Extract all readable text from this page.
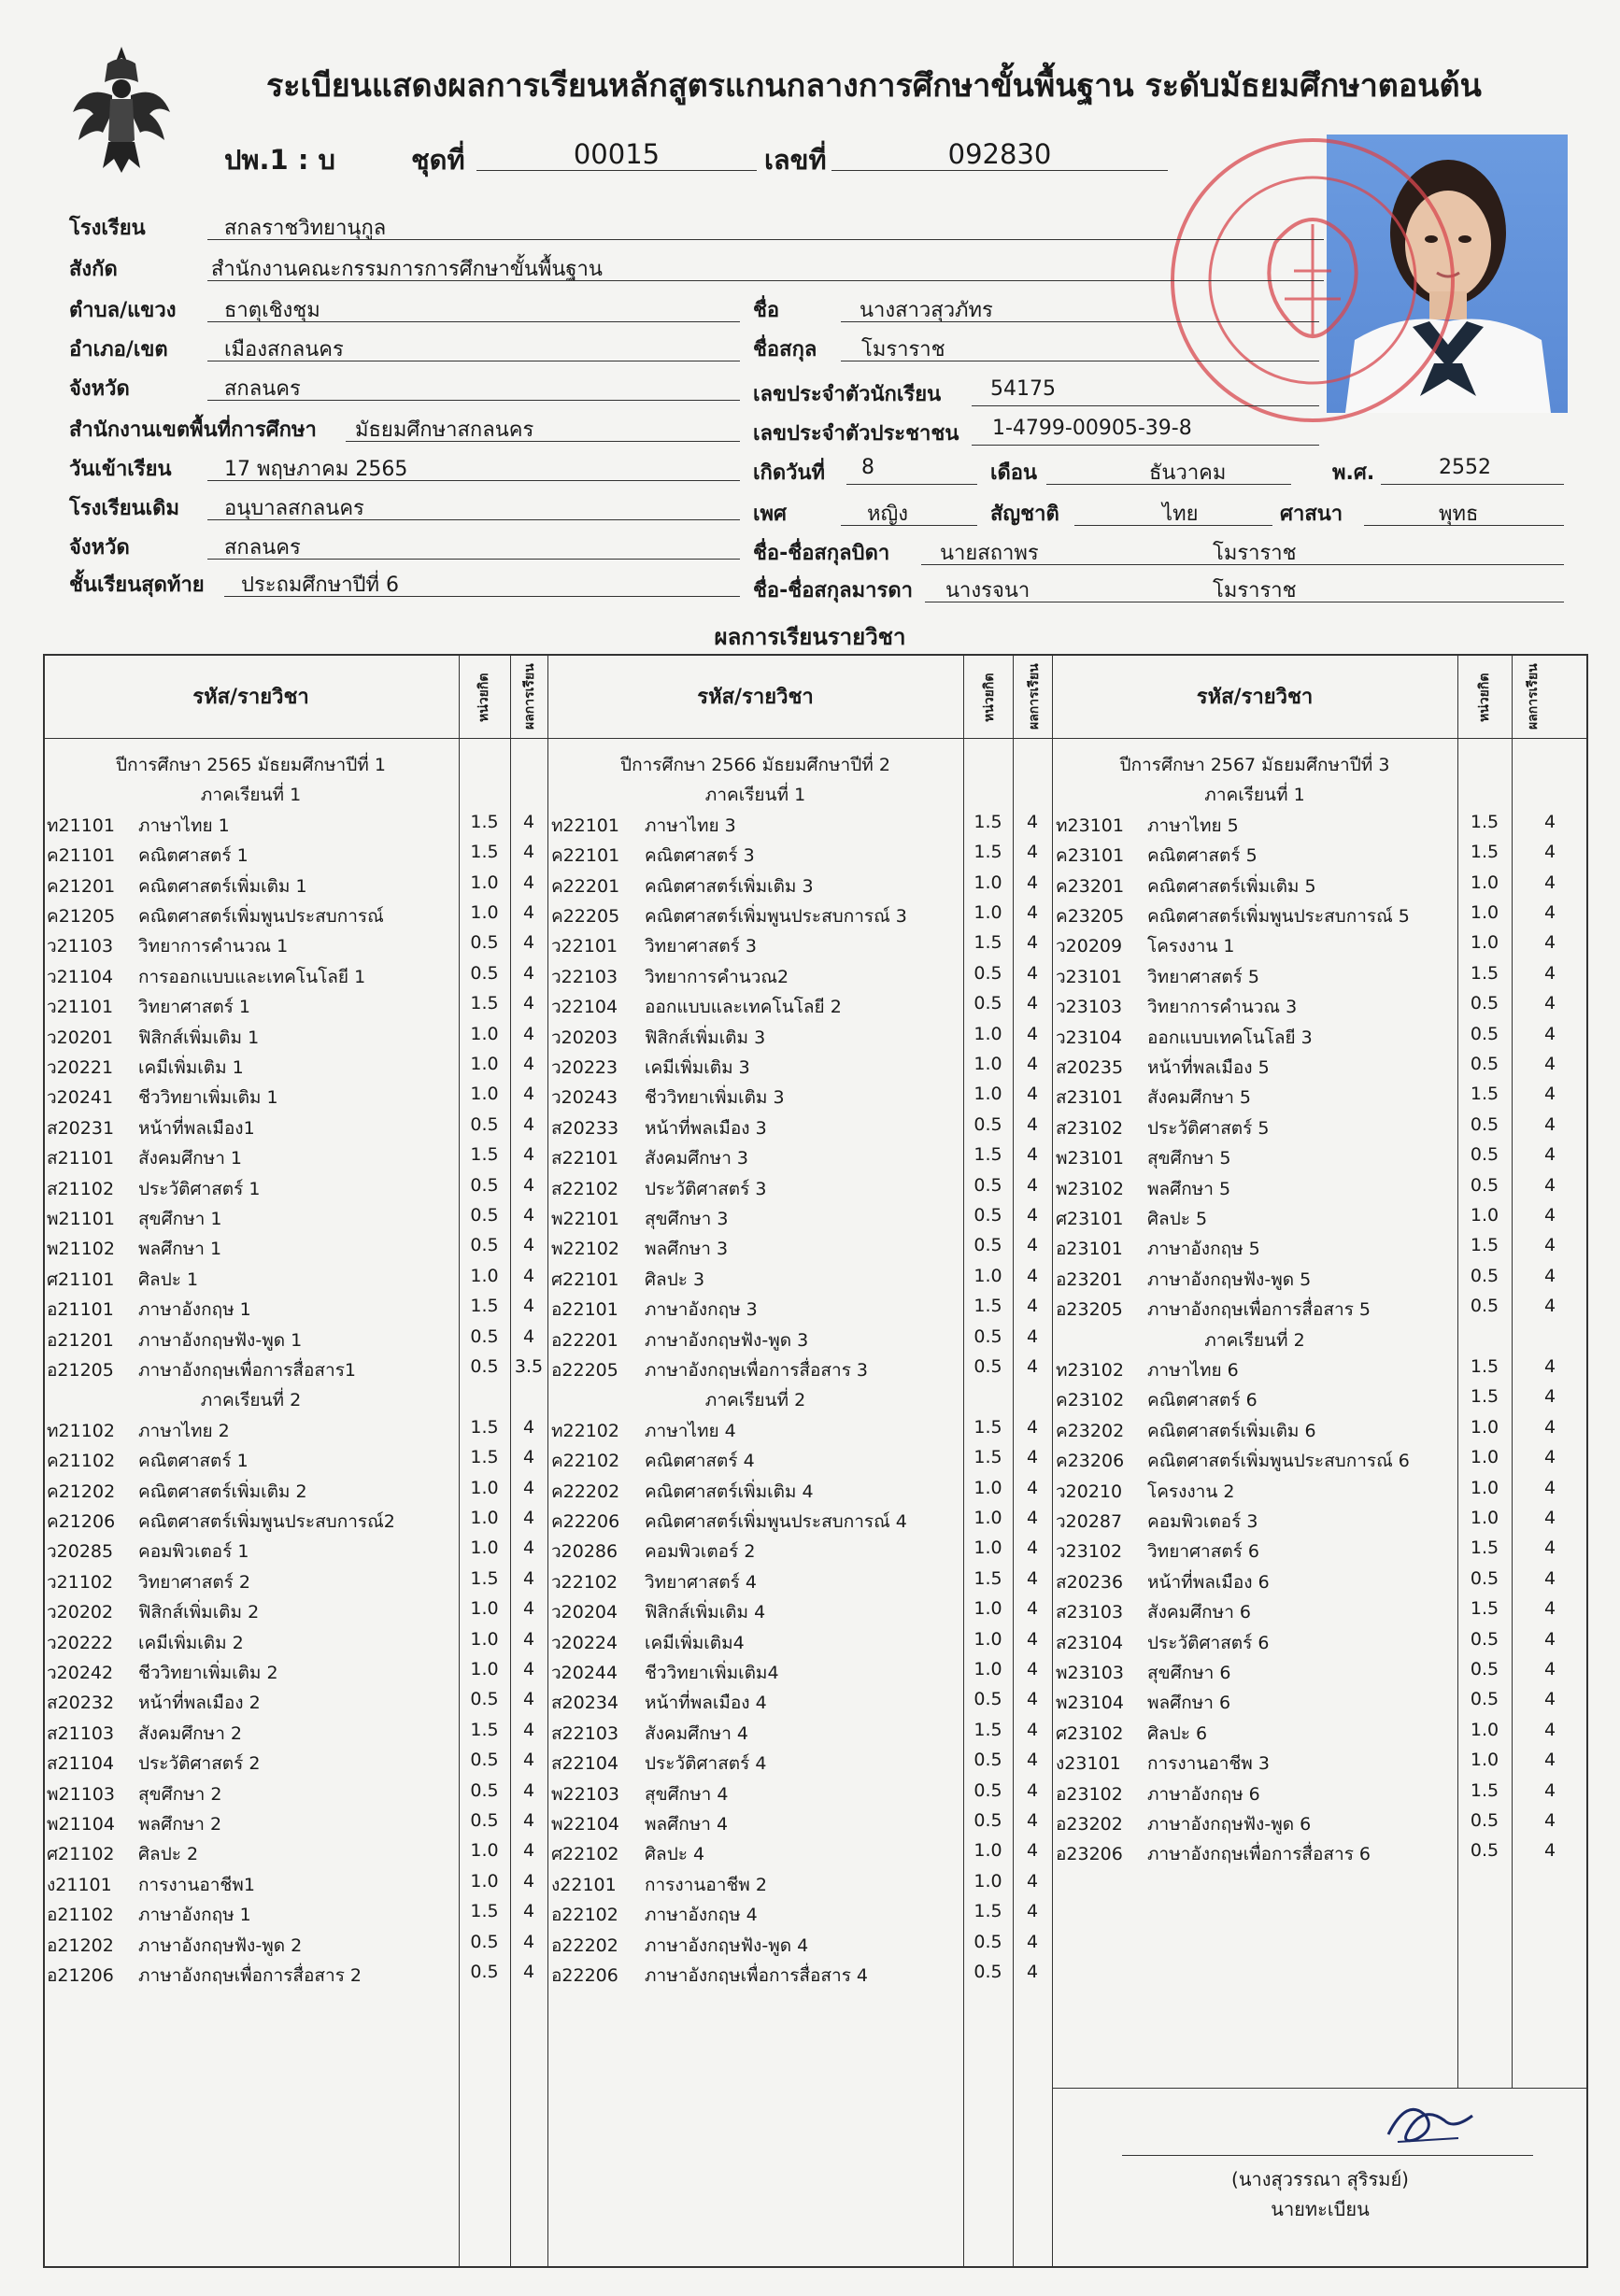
ระเบียนแสดงผลการเรียนหลักสูตรแกนกลางการศึกษาขั้นพื้นฐาน ระดับมัธยมศึกษาตอนต้น
ปพ.1 : บ	ชุดที่	00015	เลขที่	092830
โรงเรียน	สกลราชวิทยานุกูล
สังกัด	สำนักงานคณะกรรมการการศึกษาขั้นพื้นฐาน
ตำบล/แขวง ธาตุเชิงชุม	ชื่อ	นางสาวสุวภัทร
อำเภอ/เขต	เมืองสกลนคร	ชื่อสกุล โมราราช
จังหวัด	สกลนคร	เลขประจำตัวนักเรียน 54175
สำนักงานเขตพื้นที่การศึกษา มัธยมศึกษาสกลนคร	เลขประจำตัวประชาชน 1-4799-00905-39-8
วันเข้าเรียน	17 พฤษภาคม 2565	เกิดวันที่ 8	เดือน	ธันวาคม	พ.ศ.	2552
โรงเรียนเดิม อนุบาลสกลนคร	เพศ	หญิง	สัญชาติ	ไทย	ศาสนา	พุทธ
จังหวัด	สกลนคร	ชื่อ-ชื่อสกุลบิดา นายสถาพร	โมราราช
ชั้นเรียนสุดท้าย ประถมศึกษาปีที่ 6	ชื่อ-ชื่อสกุลมารดา นางรจนา	โมราราช
ผลการเรียนรายวิชา
รหัส/รายวิชา	หน่วยกิต ผลการเรียน	รหัส/รายวิชา	หน่วยกิต ผลการเรียน	รหัส/รายวิชา	หน่วยกิต	ผลการเรียน
ปีการศึกษา 2565 มัธยมศึกษาปีที่ 1
ภาคเรียนที่ 1
ท21101 ภาษาไทย 1	1.5	4
ค21101 คณิตศาสตร์ 1	1.5	4
ค21201 คณิตศาสตร์เพิ่มเติม 1	1.0	4
ค21205 คณิตศาสตร์เพิ่มพูนประสบการณ์	1.0	4
ว21103 วิทยาการคำนวณ 1	0.5	4
ว21104 การออกแบบและเทคโนโลยี 1	0.5	4
ว21101 วิทยาศาสตร์ 1	1.5	4
ว20201 ฟิสิกส์เพิ่มเติม 1	1.0	4
ว20221 เคมีเพิ่มเติม 1	1.0	4
ว20241 ชีววิทยาเพิ่มเติม 1	1.0	4
ส20231 หน้าที่พลเมือง1	0.5	4
ส21101 สังคมศึกษา 1	1.5	4
ส21102 ประวัติศาสตร์ 1	0.5	4
พ21101 สุขศึกษา 1	0.5	4
พ21102 พลศึกษา 1	0.5	4
ศ21101 ศิลปะ 1	1.0	4
อ21101 ภาษาอังกฤษ 1	1.5	4
อ21201 ภาษาอังกฤษฟัง-พูด 1	0.5	4
อ21205 ภาษาอังกฤษเพื่อการสื่อสาร1	0.5 3.5
ภาคเรียนที่ 2
ท21102 ภาษาไทย 2	1.5	4
ค21102 คณิตศาสตร์ 1	1.5	4
ค21202 คณิตศาสตร์เพิ่มเติม 2	1.0	4
ค21206 คณิตศาสตร์เพิ่มพูนประสบการณ์2	1.0	4
ว20285 คอมพิวเตอร์ 1	1.0	4
ว21102 วิทยาศาสตร์ 2	1.5	4
ว20202 ฟิสิกส์เพิ่มเติม 2	1.0	4
ว20222 เคมีเพิ่มเติม 2	1.0	4
ว20242 ชีววิทยาเพิ่มเติม 2	1.0	4
ส20232 หน้าที่พลเมือง 2	0.5	4
ส21103 สังคมศึกษา 2	1.5	4
ส21104 ประวัติศาสตร์ 2	0.5	4
พ21103 สุขศึกษา 2	0.5	4
พ21104 พลศึกษา 2	0.5	4
ศ21102 ศิลปะ 2	1.0	4
ง21101 การงานอาชีพ1	1.0	4
อ21102 ภาษาอังกฤษ 1	1.5	4
อ21202 ภาษาอังกฤษฟัง-พูด 2	0.5	4
อ21206 ภาษาอังกฤษเพื่อการสื่อสาร 2	0.5	4
ปีการศึกษา 2566 มัธยมศึกษาปีที่ 2
ภาคเรียนที่ 1
ท22101 ภาษาไทย 3	1.5	4
ค22101 คณิตศาสตร์ 3	1.5	4
ค22201 คณิตศาสตร์เพิ่มเติม 3	1.0	4
ค22205 คณิตศาสตร์เพิ่มพูนประสบการณ์ 3	1.0	4
ว22101 วิทยาศาสตร์ 3	1.5	4
ว22103 วิทยาการคำนวณ2	0.5	4
ว22104 ออกแบบและเทคโนโลยี 2	0.5	4
ว20203 ฟิสิกส์เพิ่มเติม 3	1.0	4
ว20223 เคมีเพิ่มเติม 3	1.0	4
ว20243 ชีววิทยาเพิ่มเติม 3	1.0	4
ส20233 หน้าที่พลเมือง 3	0.5	4
ส22101 สังคมศึกษา 3	1.5	4
ส22102 ประวัติศาสตร์ 3	0.5	4
พ22101 สุขศึกษา 3	0.5	4
พ22102 พลศึกษา 3	0.5	4
ศ22101 ศิลปะ 3	1.0	4
อ22101 ภาษาอังกฤษ 3	1.5	4
อ22201 ภาษาอังกฤษฟัง-พูด 3	0.5	4
อ22205 ภาษาอังกฤษเพื่อการสื่อสาร 3	0.5	4
ภาคเรียนที่ 2
ท22102 ภาษาไทย 4	1.5	4
ค22102 คณิตศาสตร์ 4	1.5	4
ค22202 คณิตศาสตร์เพิ่มเติม 4	1.0	4
ค22206 คณิตศาสตร์เพิ่มพูนประสบการณ์ 4	1.0	4
ว20286 คอมพิวเตอร์ 2	1.0	4
ว22102 วิทยาศาสตร์ 4	1.5	4
ว20204 ฟิสิกส์เพิ่มเติม 4	1.0	4
ว20224 เคมีเพิ่มเติม4	1.0	4
ว20244 ชีววิทยาเพิ่มเติม4	1.0	4
ส20234 หน้าที่พลเมือง 4	0.5	4
ส22103 สังคมศึกษา 4	1.5	4
ส22104 ประวัติศาสตร์ 4	0.5	4
พ22103 สุขศึกษา 4	0.5	4
พ22104 พลศึกษา 4	0.5	4
ศ22102 ศิลปะ 4	1.0	4
ง22101 การงานอาชีพ 2	1.0	4
อ22102 ภาษาอังกฤษ 4	1.5	4
อ22202 ภาษาอังกฤษฟัง-พูด 4	0.5	4
อ22206 ภาษาอังกฤษเพื่อการสื่อสาร 4	0.5	4
ปีการศึกษา 2567 มัธยมศึกษาปีที่ 3
ภาคเรียนที่ 1
ท23101 ภาษาไทย 5	1.5	4
ค23101 คณิตศาสตร์ 5	1.5	4
ค23201 คณิตศาสตร์เพิ่มเติม 5	1.0	4
ค23205 คณิตศาสตร์เพิ่มพูนประสบการณ์ 5	1.0	4
ว20209 โครงงาน 1	1.0	4
ว23101 วิทยาศาสตร์ 5	1.5	4
ว23103 วิทยาการคำนวณ 3	0.5	4
ว23104 ออกแบบเทคโนโลยี 3	0.5	4
ส20235 หน้าที่พลเมือง 5	0.5	4
ส23101 สังคมศึกษา 5	1.5	4
ส23102 ประวัติศาสตร์ 5	0.5	4
พ23101 สุขศึกษา 5	0.5	4
พ23102 พลศึกษา 5	0.5	4
ศ23101 ศิลปะ 5	1.0	4
อ23101 ภาษาอังกฤษ 5	1.5	4
อ23201 ภาษาอังกฤษฟัง-พูด 5	0.5	4
อ23205 ภาษาอังกฤษเพื่อการสื่อสาร 5	0.5	4
ภาคเรียนที่ 2
ท23102 ภาษาไทย 6	1.5	4
ค23102 คณิตศาสตร์ 6	1.5	4
ค23202 คณิตศาสตร์เพิ่มเติม 6	1.0	4
ค23206 คณิตศาสตร์เพิ่มพูนประสบการณ์ 6	1.0	4
ว20210 โครงงาน 2	1.0	4
ว20287 คอมพิวเตอร์ 3	1.0	4
ว23102 วิทยาศาสตร์ 6	1.5	4
ส20236 หน้าที่พลเมือง 6	0.5	4
ส23103 สังคมศึกษา 6	1.5	4
ส23104 ประวัติศาสตร์ 6	0.5	4
พ23103 สุขศึกษา 6	0.5	4
พ23104 พลศึกษา 6	0.5	4
ศ23102 ศิลปะ 6	1.0	4
ง23101 การงานอาชีพ 3	1.0	4
อ23102 ภาษาอังกฤษ 6	1.5	4
อ23202 ภาษาอังกฤษฟัง-พูด 6	0.5	4
อ23206 ภาษาอังกฤษเพื่อการสื่อสาร 6	0.5	4
(นางสุวรรณา สุริรมย์)
นายทะเบียน
